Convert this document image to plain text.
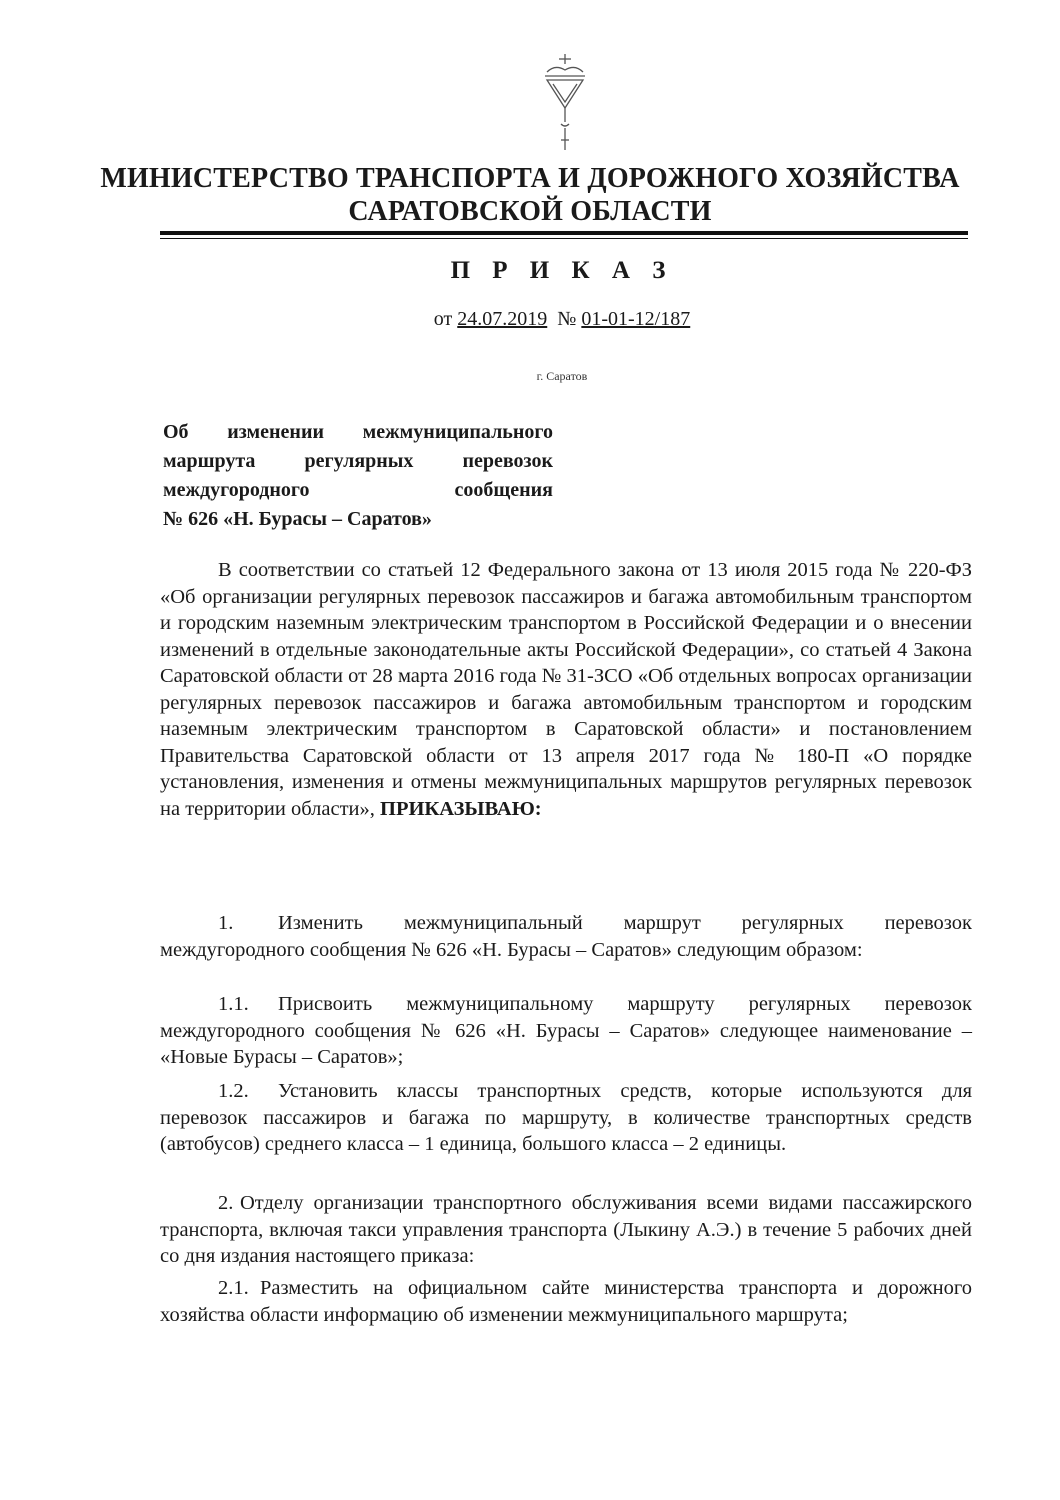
МИНИСТЕРСТВО ТРАНСПОРТА И ДОРОЖНОГО ХОЗЯЙСТВА
САРАТОВСКОЙ ОБЛАСТИ
П Р И К А З
от 24.07.2019 № 01-01-12/187
г. Саратов
Об изменении межмуниципального
маршрута регулярных перевозок
междугородного сообщения
№ 626 «Н. Бурасы – Саратов»
В соответствии со статьей 12 Федерального закона от 13 июля 2015 года № 220-ФЗ «Об организации регулярных перевозок пассажиров и багажа автомобильным транспортом и городским наземным электрическим транспортом в Российской Федерации и о внесении изменений в отдельные законодательные акты Российской Федерации», со статьей 4 Закона Саратовской области от 28 марта 2016 года № 31-ЗСО «Об отдельных вопросах организации регулярных перевозок пассажиров и багажа автомобильным транспортом и городским наземным электрическим транспортом в Саратовской области» и постановлением Правительства Саратовской области от 13 апреля 2017 года № 180-П «О порядке установления, изменения и отмены межмуниципальных маршрутов регулярных перевозок на территории области», ПРИКАЗЫВАЮ:
1. Изменить межмуниципальный маршрут регулярных перевозок междугородного сообщения № 626 «Н. Бурасы – Саратов» следующим образом:
1.1. Присвоить межмуниципальному маршруту регулярных перевозок междугородного сообщения № 626 «Н. Бурасы – Саратов» следующее наименование – «Новые Бурасы – Саратов»;
1.2. Установить классы транспортных средств, которые используются для перевозок пассажиров и багажа по маршруту, в количестве транспортных средств (автобусов) среднего класса – 1 единица, большого класса – 2 единицы.
2. Отделу организации транспортного обслуживания всеми видами пассажирского транспорта, включая такси управления транспорта (Лыкину А.Э.) в течение 5 рабочих дней со дня издания настоящего приказа:
2.1. Разместить на официальном сайте министерства транспорта и дорожного хозяйства области информацию об изменении межмуниципального маршрута;
